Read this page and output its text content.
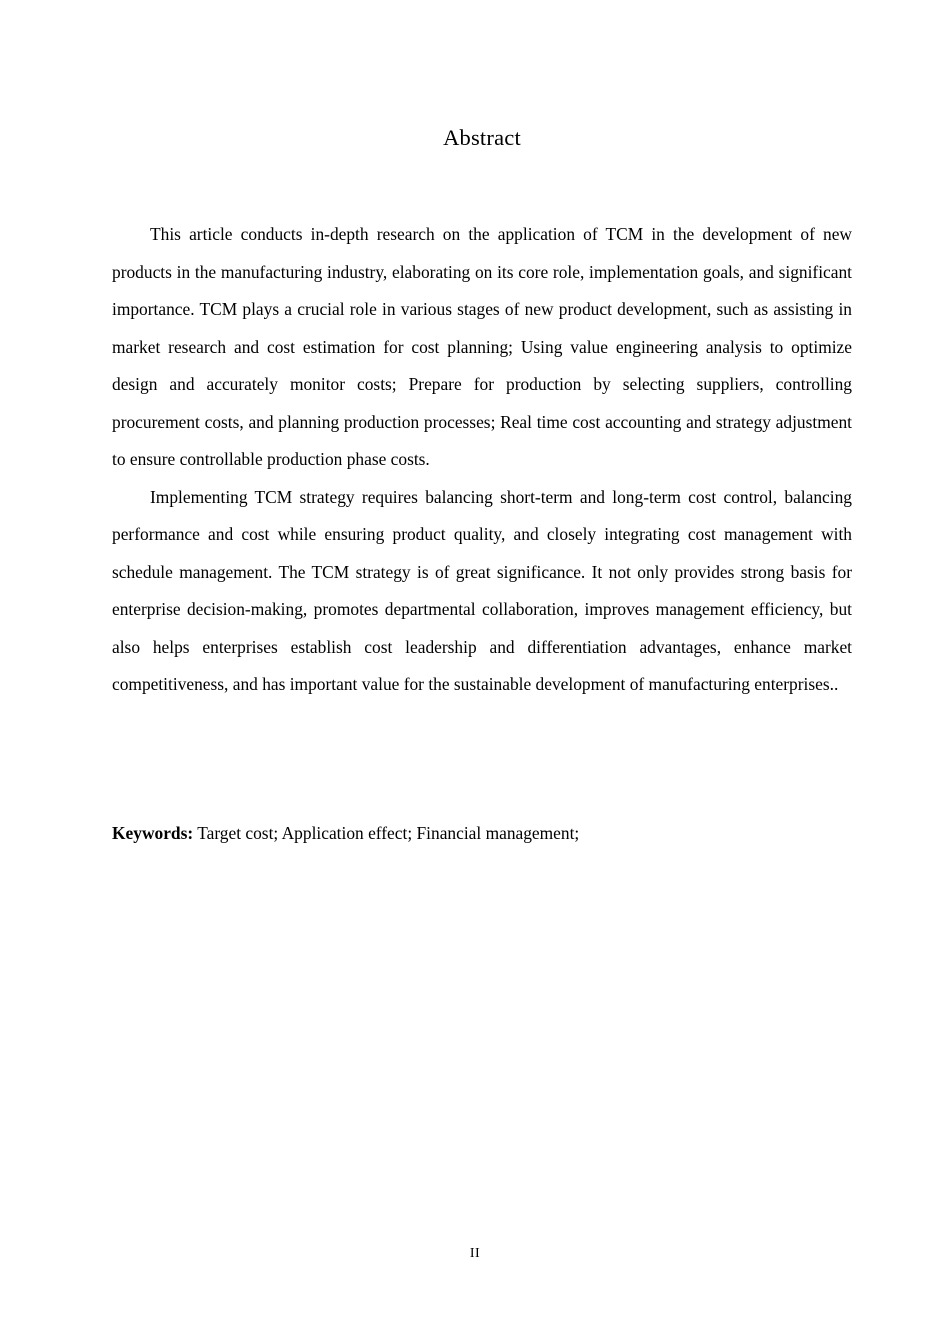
Abstract

This article conducts in-depth research on the application of TCM in the development of new products in the manufacturing industry, elaborating on its core role, implementation goals, and significant importance. TCM plays a crucial role in various stages of new product development, such as assisting in market research and cost estimation for cost planning; Using value engineering analysis to optimize design and accurately monitor costs; Prepare for production by selecting suppliers, controlling procurement costs, and planning production processes; Real time cost accounting and strategy adjustment to ensure controllable production phase costs.

Implementing TCM strategy requires balancing short-term and long-term cost control, balancing performance and cost while ensuring product quality, and closely integrating cost management with schedule management. The TCM strategy is of great significance. It not only provides strong basis for enterprise decision-making, promotes departmental collaboration, improves management efficiency, but also helps enterprises establish cost leadership and differentiation advantages, enhance market competitiveness, and has important value for the sustainable development of manufacturing enterprises..

Keywords: Target cost; Application effect; Financial management;
II
